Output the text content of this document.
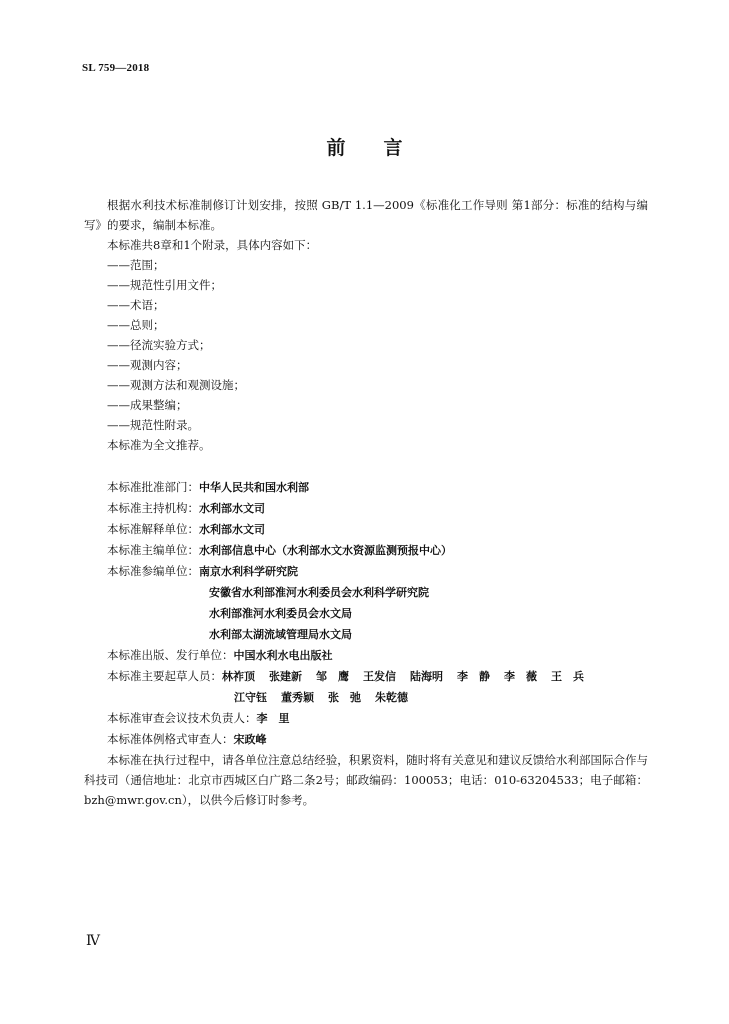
SL 759—2018
前言

根据水利技术标准制修订计划安排，按照 GB/T 1.1—2009《标准化工作导则 第1部分：标准的结构与编写》的要求，编制本标准。

本标准共8章和1个附录，具体内容如下：

——范围；

——规范性引用文件；

——术语；

——总则；

——径流实验方式；

——观测内容；

——观测方法和观测设施；

——成果整编；

——规范性附录。

本标准为全文推荐。

本标准批准部门：中华人民共和国水利部

本标准主持机构：水利部水文司

本标准解释单位：水利部水文司

本标准主编单位：水利部信息中心（水利部水文水资源监测预报中心）

本标准参编单位：南京水利科学研究院

安徽省水利部淮河水利委员会水利科学研究院

水利部淮河水利委员会水文局

水利部太湖流域管理局水文局

本标准出版、发行单位：中国水利水电出版社

本标准主要起草人员：林祚顶 张建新 邹　鹰 王发信 陆海明 李　静 李　薇 王　兵

江守钰 董秀颖 张　弛 朱乾德

本标准审查会议技术负责人：李　里

本标准体例格式审查人：宋政峰

本标准在执行过程中，请各单位注意总结经验，积累资料，随时将有关意见和建议反馈给水利部国际合作与科技司（通信地址：北京市西城区白广路二条2号；邮政编码：100053；电话：010-63204533；电子邮箱：bzh@mwr.gov.cn），以供今后修订时参考。

Ⅳ
